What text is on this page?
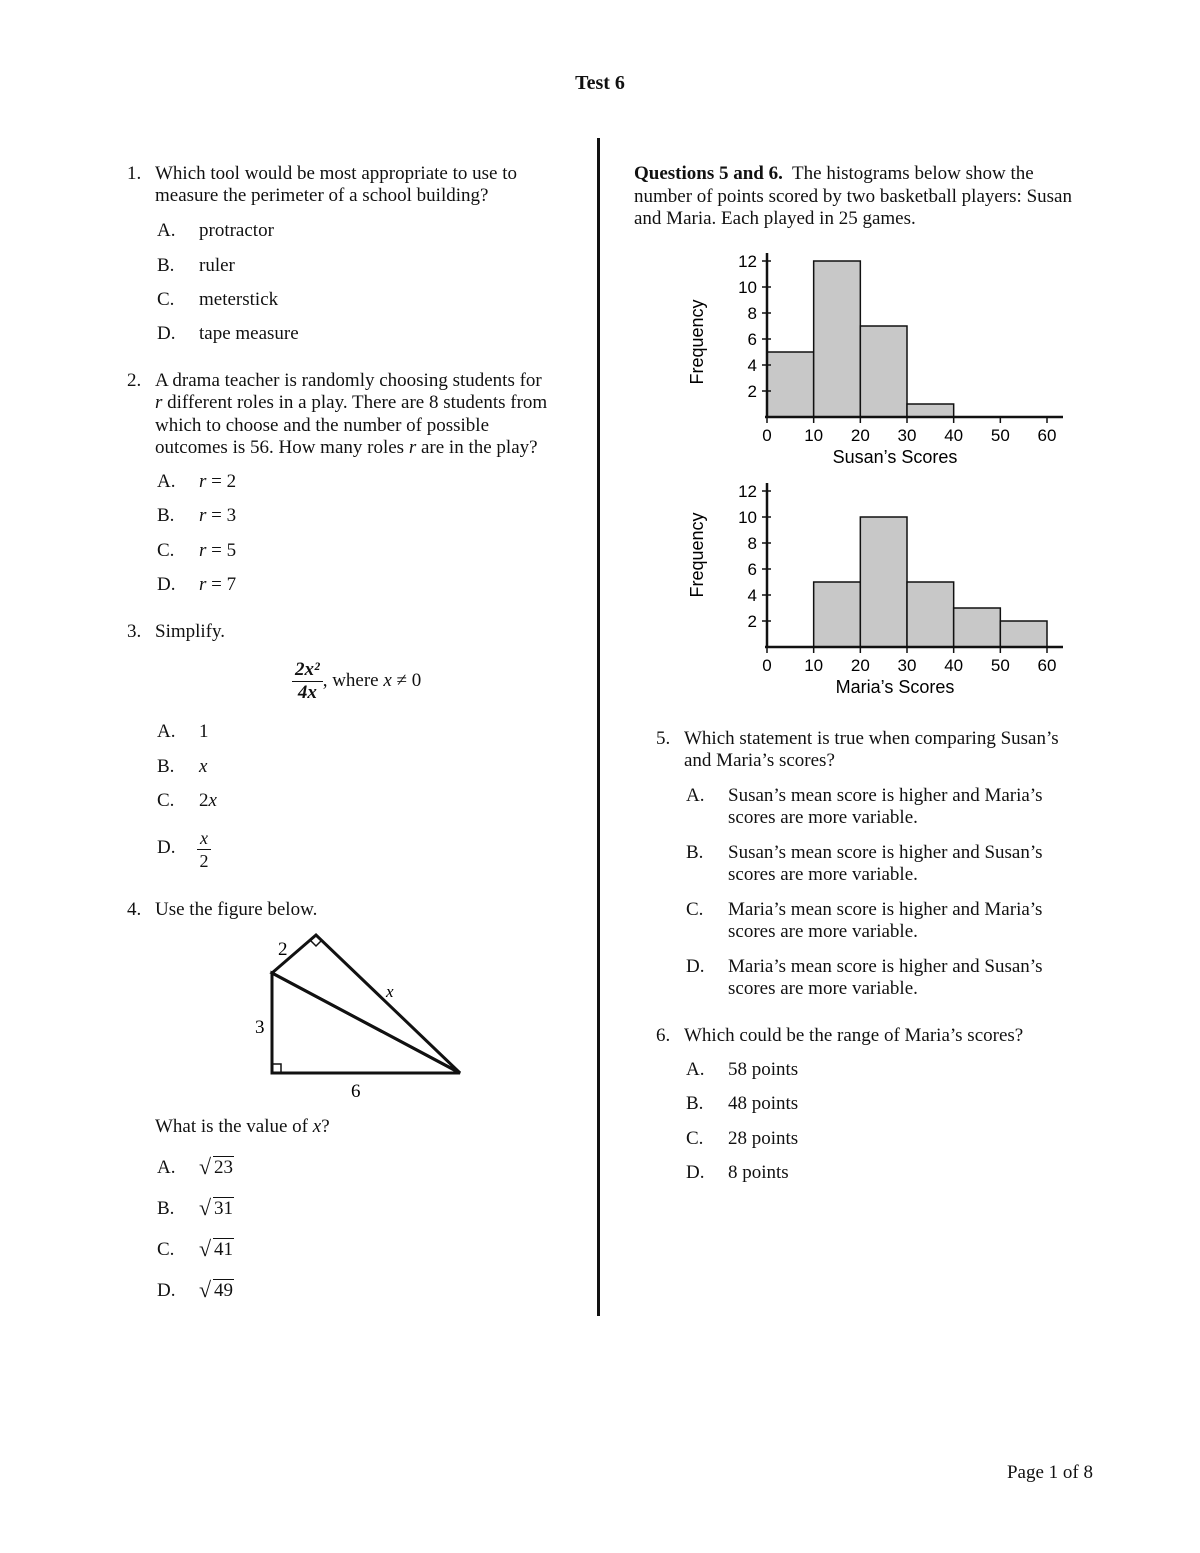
Test 6
1. Which tool would be most appropriate to use to
measure the perimeter of a school building?
A. protractor
B. ruler
C. meterstick
D. tape measure
2. A drama teacher is randomly choosing students for
r different roles in a play. There are 8 students from
which to choose and the number of possible
outcomes is 56. How many roles r are in the play?
A. r = 2
B. r = 3
C. r = 5
D. r = 7
3. Simplify.
$\frac{\text{2x²}}{4x}$ , where x ≠ 0
A. 1
B. x
C. 2x
D. $\frac{x}{2}$
4. Use the figure below.
2
3
6
x
What is the value of x?
A. √ 23
B. √ 31
C. √ 41
D. √ 49
Questions 5 and 6.  The histograms below show the
number of points scored by two basketball players: Susan
and Maria. Each played in 25 games.
Frequency
Susan’s Scores
2
4
6
8
10
12
0 10 20 30 40 50 60
Frequency
Maria’s Scores
2
4
6
8
10
12
0 10 20 30 40 50 60
5. Which statement is true when comparing Susan’s
and Maria’s scores?
A. Susan’s mean score is higher and Maria’s
scores are more variable.
B. Susan’s mean score is higher and Susan’s
scores are more variable.
C. Maria’s mean score is higher and Maria’s
scores are more variable.
D. Maria’s mean score is higher and Susan’s
scores are more variable.
6. Which could be the range of Maria’s scores?
A. 58 points
B. 48 points
C. 28 points
D. 8 points
Page 1 of 8
